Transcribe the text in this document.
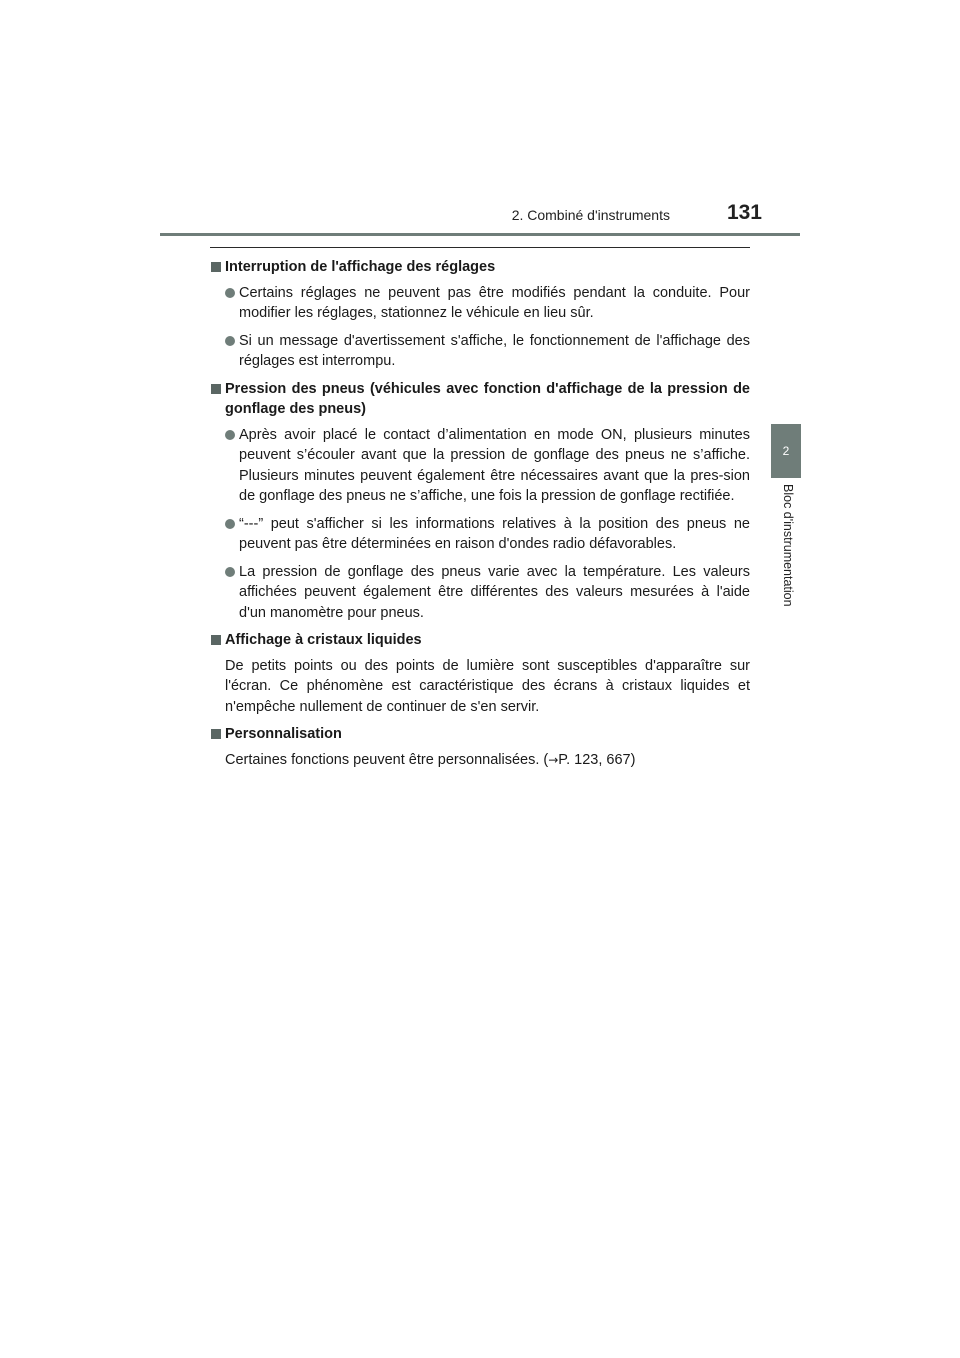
2. Combiné d'instruments	131
2
Bloc d'instrumentation
Interruption de l'affichage des réglages
Certains réglages ne peuvent pas être modifiés pendant la conduite. Pour modifier les réglages, stationnez le véhicule en lieu sûr.
Si un message d'avertissement s'affiche, le fonctionnement de l'affichage des réglages est interrompu.
Pression des pneus (véhicules avec fonction d'affichage de la pression de gonflage des pneus)
Après avoir placé le contact d’alimentation en mode ON, plusieurs minutes peuvent s’écouler avant que la pression de gonflage des pneus ne s’affiche. Plusieurs minutes peuvent également être nécessaires avant que la pres-sion de gonflage des pneus ne s’affiche, une fois la pression de gonflage rectifiée.
“---” peut s'afficher si les informations relatives à la position des pneus ne peuvent pas être déterminées en raison d'ondes radio défavorables.
La pression de gonflage des pneus varie avec la température. Les valeurs affichées peuvent également être différentes des valeurs mesurées à l'aide d'un manomètre pour pneus.
Affichage à cristaux liquides
De petits points ou des points de lumière sont susceptibles d'apparaître sur l'écran. Ce phénomène est caractéristique des écrans à cristaux liquides et n'empêche nullement de continuer de s'en servir.
Personnalisation
Certaines fonctions peuvent être personnalisées. (→P. 123, 667)
